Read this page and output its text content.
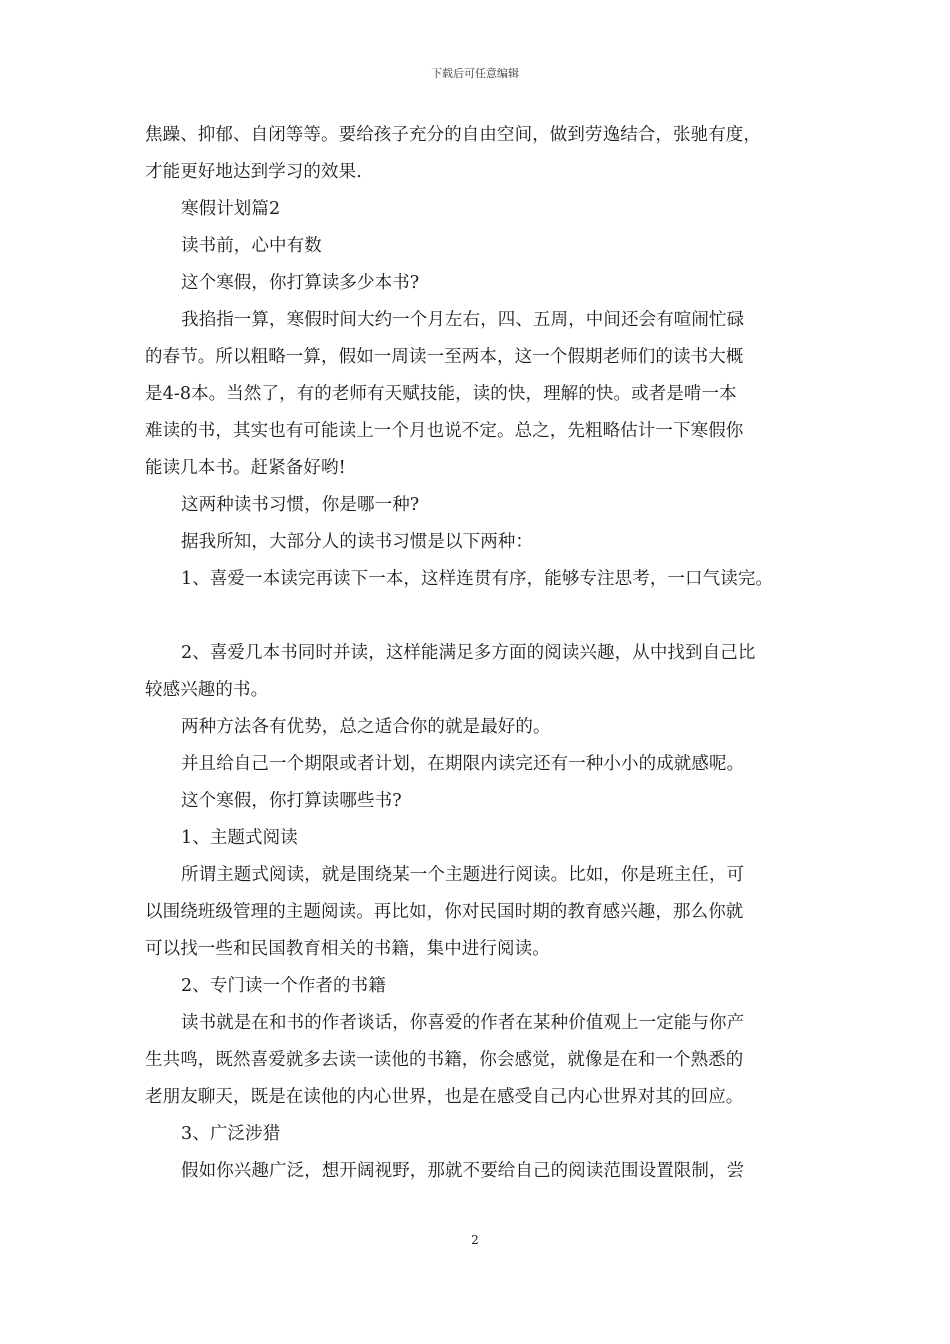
下载后可任意编辑
焦躁、抑郁、自闭等等。要给孩子充分的自由空间，做到劳逸结合，张驰有度，
才能更好地达到学习的效果.
寒假计划篇2
读书前，心中有数
这个寒假，你打算读多少本书?
我掐指一算，寒假时间大约一个月左右，四、五周，中间还会有喧闹忙碌
的春节。所以粗略一算，假如一周读一至两本，这一个假期老师们的读书大概
是4-8本。当然了，有的老师有天赋技能，读的快，理解的快。或者是啃一本
难读的书，其实也有可能读上一个月也说不定。总之，先粗略估计一下寒假你
能读几本书。赶紧备好哟!
这两种读书习惯，你是哪一种?
据我所知，大部分人的读书习惯是以下两种：
1、喜爱一本读完再读下一本，这样连贯有序，能够专注思考，一口气读完。
2、喜爱几本书同时并读，这样能满足多方面的阅读兴趣，从中找到自己比
较感兴趣的书。
两种方法各有优势，总之适合你的就是最好的。
并且给自己一个期限或者计划，在期限内读完还有一种小小的成就感呢。
这个寒假，你打算读哪些书?
1、主题式阅读
所谓主题式阅读，就是围绕某一个主题进行阅读。比如，你是班主任，可
以围绕班级管理的主题阅读。再比如，你对民国时期的教育感兴趣，那么你就
可以找一些和民国教育相关的书籍，集中进行阅读。
2、专门读一个作者的书籍
读书就是在和书的作者谈话，你喜爱的作者在某种价值观上一定能与你产
生共鸣，既然喜爱就多去读一读他的书籍，你会感觉，就像是在和一个熟悉的
老朋友聊天，既是在读他的内心世界，也是在感受自己内心世界对其的回应。
3、广泛涉猎
假如你兴趣广泛，想开阔视野，那就不要给自己的阅读范围设置限制，尝
2
